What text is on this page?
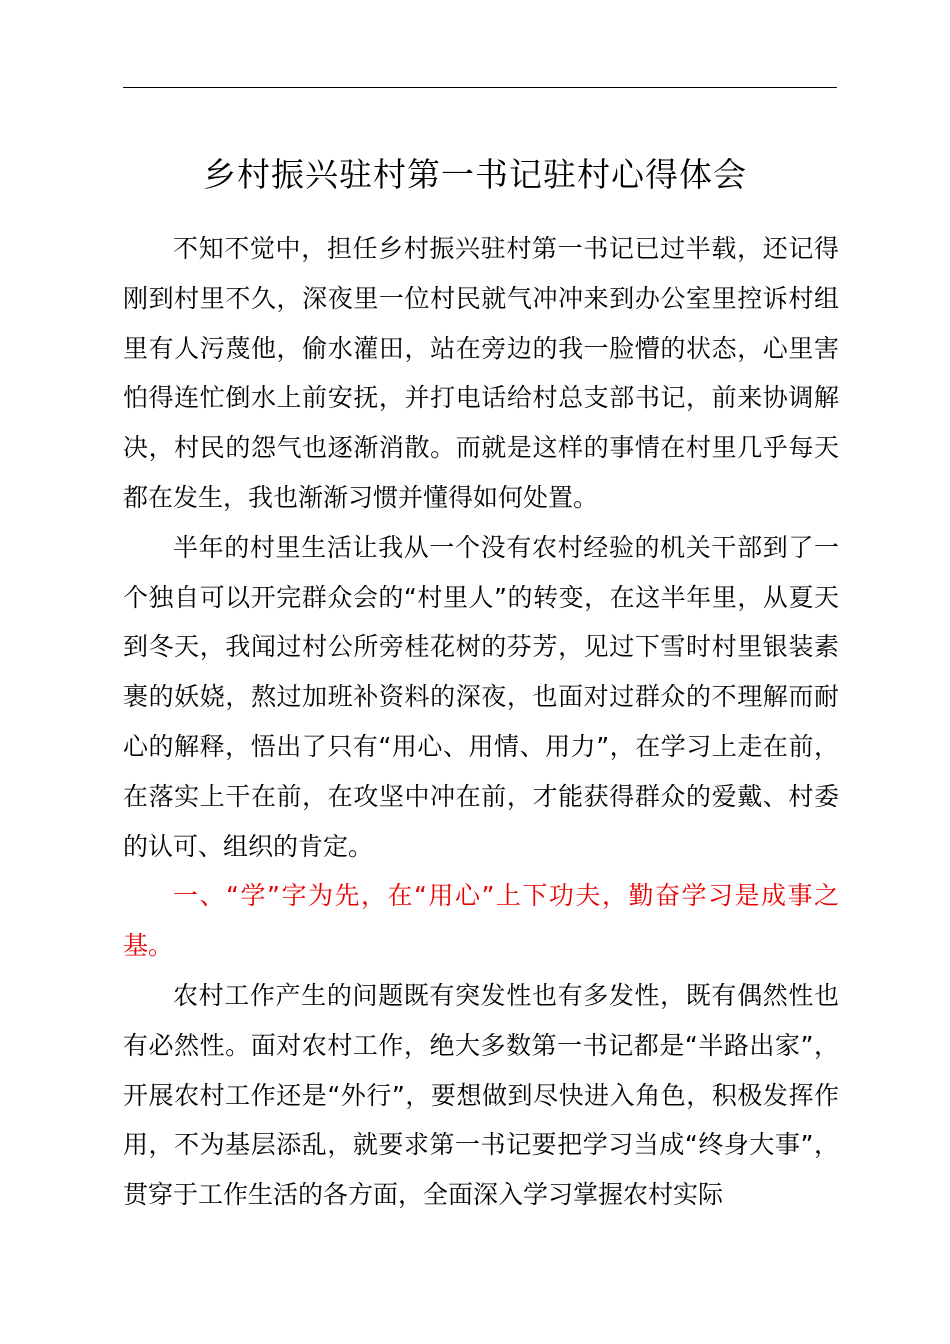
乡村振兴驻村第一书记驻村心得体会

不知不觉中，担任乡村振兴驻村第一书记已过半载，还记得刚到村里不久，深夜里一位村民就气冲冲来到办公室里控诉村组里有人污蔑他，偷水灌田，站在旁边的我一脸懵的状态，心里害怕得连忙倒水上前安抚，并打电话给村总支部书记，前来协调解决，村民的怨气也逐渐消散。而就是这样的事情在村里几乎每天都在发生，我也渐渐习惯并懂得如何处置。

半年的村里生活让我从一个没有农村经验的机关干部到了一个独自可以开完群众会的“村里人”的转变，在这半年里，从夏天到冬天，我闻过村公所旁桂花树的芬芳，见过下雪时村里银装素裹的妖娆，熬过加班补资料的深夜，也面对过群众的不理解而耐心的解释，悟出了只有“用心、用情、用力”，在学习上走在前，在落实上干在前，在攻坚中冲在前，才能获得群众的爱戴、村委的认可、组织的肯定。

一、“学”字为先，在“用心”上下功夫，勤奋学习是成事之基。

农村工作产生的问题既有突发性也有多发性，既有偶然性也有必然性。面对农村工作，绝大多数第一书记都是“半路出家”，开展农村工作还是“外行”，要想做到尽快进入角色，积极发挥作用，不为基层添乱，就要求第一书记要把学习当成“终身大事”，贯穿于工作生活的各方面，全面深入学习掌握农村实际
